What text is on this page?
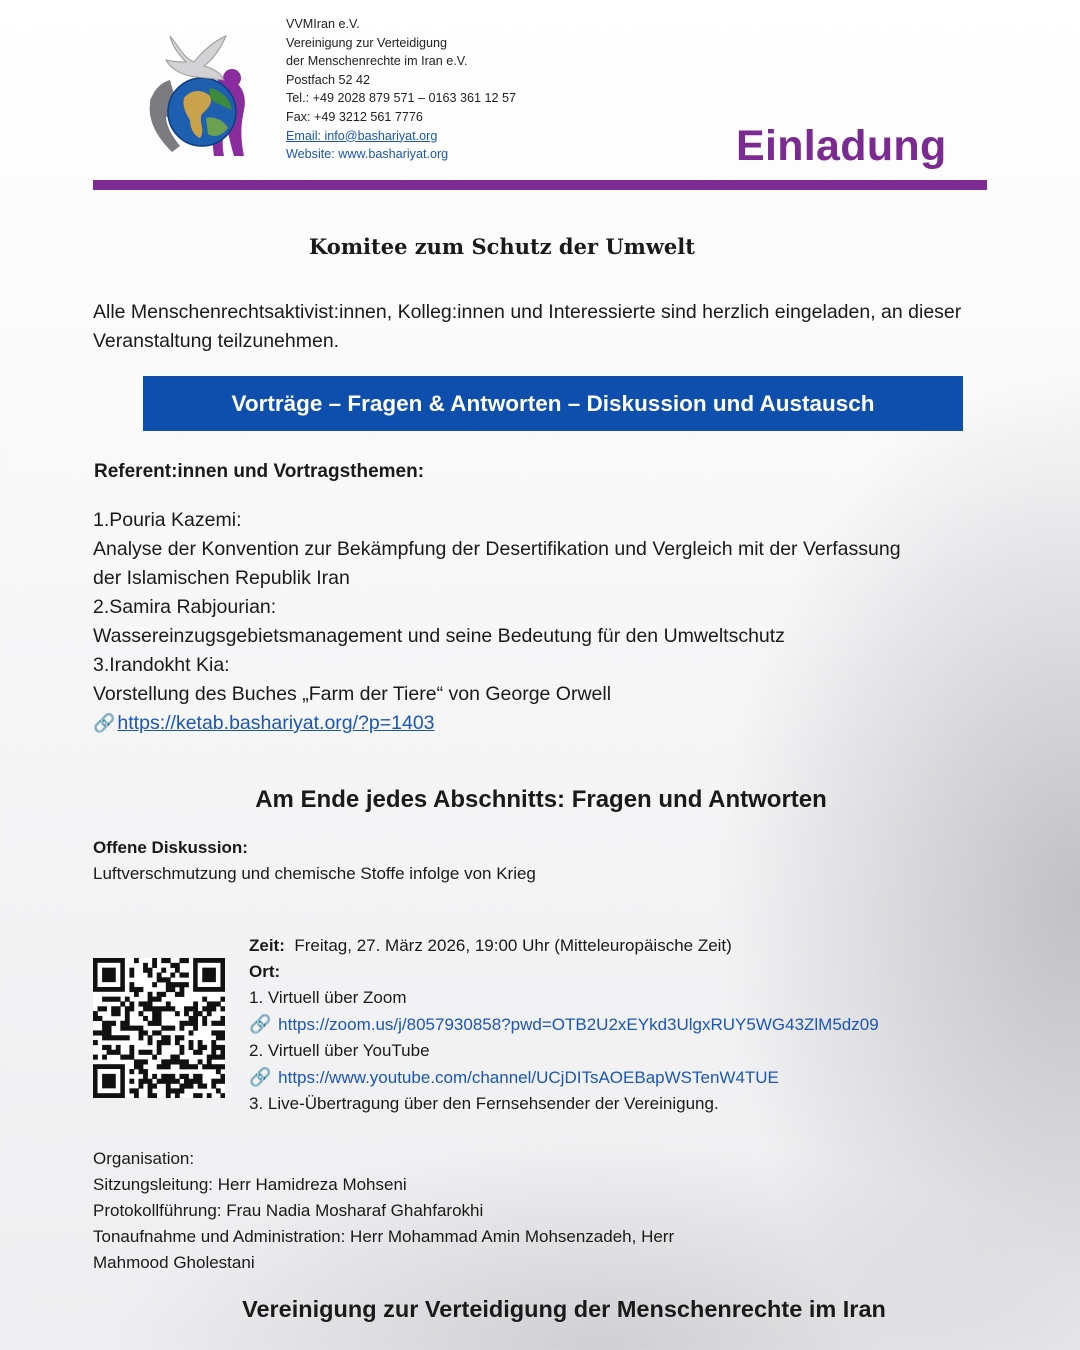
VVMIran e.V.
Vereinigung zur Verteidigung
der Menschenrechte im Iran e.V.
Postfach 52 42
Tel.: +49 2028 879 571 – 0163 361 12 57
Fax: +49 3212 561 7776
Email: info@bashariyat.org
Website: www.bashariyat.org	Einladung
Komitee zum Schutz der Umwelt
Alle Menschenrechtsaktivist:innen, Kolleg:innen und Interessierte sind herzlich eingeladen, an dieser Veranstaltung teilzunehmen.
Vorträge – Fragen & Antworten – Diskussion und Austausch
Referent:innen und Vortragsthemen:
1.Pouria Kazemi:
Analyse der Konvention zur Bekämpfung der Desertifikation und Vergleich mit der Verfassung
der Islamischen Republik Iran
2.Samira Rabjourian:
Wassereinzugsgebietsmanagement und seine Bedeutung für den Umweltschutz
3.Irandokht Kia:
Vorstellung des Buches „Farm der Tiere“ von George Orwell
🔗 https://ketab.bashariyat.org/?p=1403
Am Ende jedes Abschnitts: Fragen und Antworten
Offene Diskussion:
Luftverschmutzung und chemische Stoffe infolge von Krieg
Zeit: Freitag, 27. März 2026, 19:00 Uhr (Mitteleuropäische Zeit)
Ort:
1. Virtuell über Zoom
🔗 https://zoom.us/j/8057930858?pwd=OTB2U2xEYkd3UlgxRUY5WG43ZlM5dz09
2. Virtuell über YouTube
🔗 https://www.youtube.com/channel/UCjDITsAOEBapWSTenW4TUE
3. Live-Übertragung über den Fernsehsender der Vereinigung.
Organisation:
Sitzungsleitung: Herr Hamidreza Mohseni
Protokollführung: Frau Nadia Mosharaf Ghahfarokhi
Tonaufnahme und Administration: Herr Mohammad Amin Mohsenzadeh, Herr
Mahmood Gholestani
Vereinigung zur Verteidigung der Menschenrechte im Iran
